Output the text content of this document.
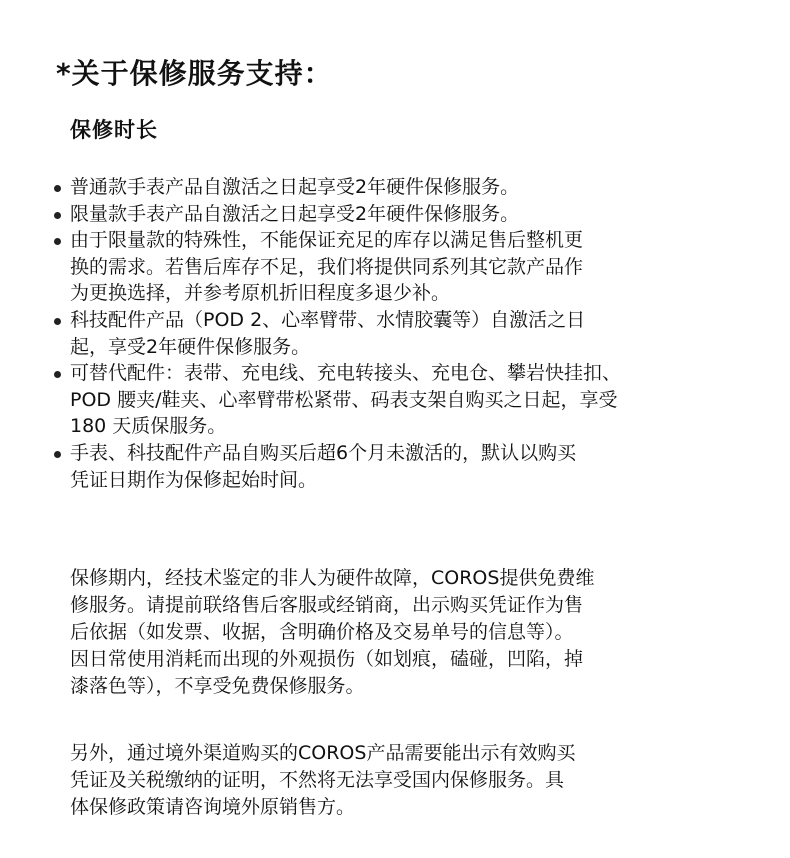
*关于保修服务支持：
保修时长
普通款手表产品自激活之日起享受2年硬件保修服务。
限量款手表产品自激活之日起享受2年硬件保修服务。
由于限量款的特殊性，不能保证充足的库存以满足售后整机更
换的需求。若售后库存不足，我们将提供同系列其它款产品作
为更换选择，并参考原机折旧程度多退少补。
科技配件产品（POD 2、心率臂带、水情胶囊等）自激活之日
起，享受2年硬件保修服务。
可替代配件：表带、充电线、充电转接头、充电仓、攀岩快挂扣、
POD 腰夹/鞋夹、心率臂带松紧带、码表支架自购买之日起，享受
180 天质保服务。
手表、科技配件产品自购买后超6个月未激活的，默认以购买
凭证日期作为保修起始时间。
保修期内，经技术鉴定的非人为硬件故障，COROS提供免费维
修服务。请提前联络售后客服或经销商，出示购买凭证作为售
后依据（如发票、收据，含明确价格及交易单号的信息等）。
因日常使用消耗而出现的外观损伤（如划痕，磕碰，凹陷，掉
漆落色等），不享受免费保修服务。
另外，通过境外渠道购买的COROS产品需要能出示有效购买
凭证及关税缴纳的证明，不然将无法享受国内保修服务。具
体保修政策请咨询境外原销售方。
